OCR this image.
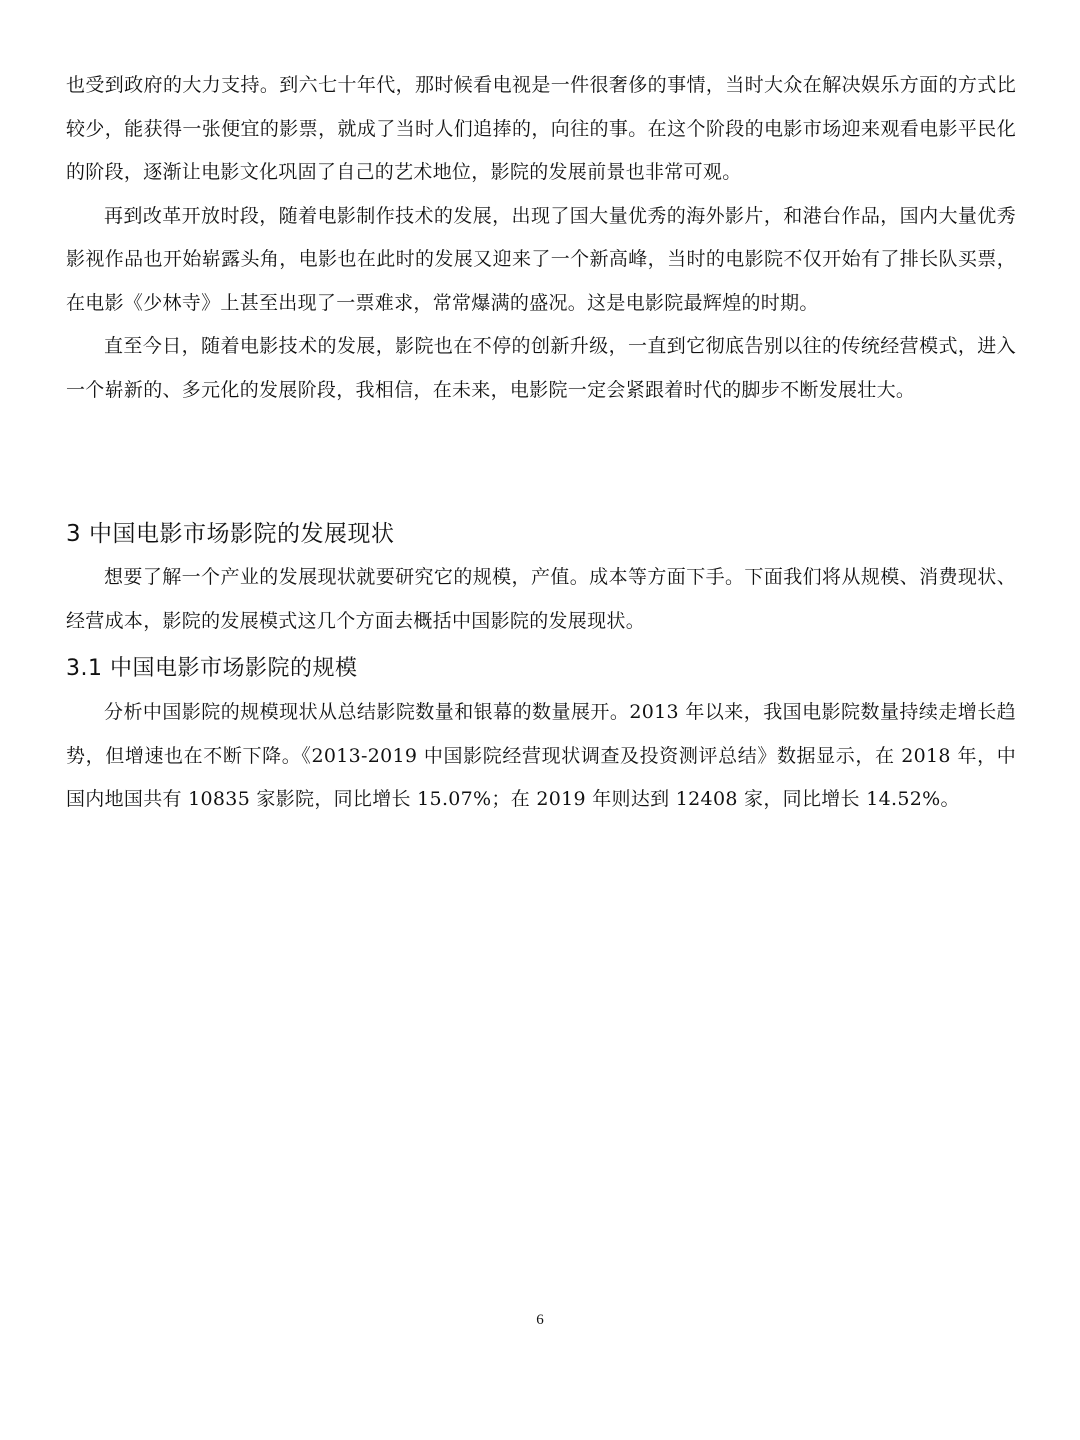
也受到政府的大力支持。到六七十年代，那时候看电视是一件很奢侈的事情，当时大众在解决娱乐方面的方式比较少，能获得一张便宜的影票，就成了当时人们追捧的，向往的事。在这个阶段的电影市场迎来观看电影平民化的阶段，逐渐让电影文化巩固了自己的艺术地位，影院的发展前景也非常可观。

再到改革开放时段，随着电影制作技术的发展，出现了国大量优秀的海外影片，和港台作品，国内大量优秀影视作品也开始崭露头角，电影也在此时的发展又迎来了一个新高峰，当时的电影院不仅开始有了排长队买票，在电影《少林寺》上甚至出现了一票难求，常常爆满的盛况。这是电影院最辉煌的时期。

直至今日，随着电影技术的发展，影院也在不停的创新升级，一直到它彻底告别以往的传统经营模式，进入一个崭新的、多元化的发展阶段，我相信，在未来，电影院一定会紧跟着时代的脚步不断发展壮大。

3 中国电影市场影院的发展现状

想要了解一个产业的发展现状就要研究它的规模，产值。成本等方面下手。下面我们将从规模、消费现状、经营成本，影院的发展模式这几个方面去概括中国影院的发展现状。

3.1 中国电影市场影院的规模

分析中国影院的规模现状从总结影院数量和银幕的数量展开。2013 年以来，我国电影院数量持续走增长趋势，但增速也在不断下降。《2013-2019 中国影院经营现状调查及投资测评总结》数据显示，在 2018 年，中国内地国共有 10835 家影院，同比增长 15.07%；在 2019 年则达到 12408 家，同比增长 14.52%。

6
